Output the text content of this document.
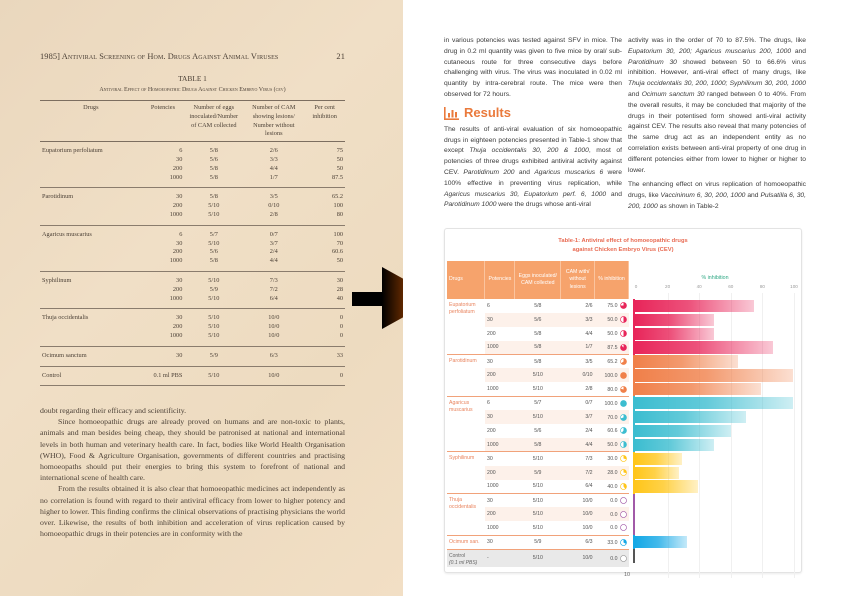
1985] Antiviral Screening of Hom. Drugs Against Animal Viruses	21
TABLE 1
Antiviral Effect of Homoeopathic Drugs Against Chicken Embryo Virus (cev)
Drugs	Potencies	Number of eggs inoculated/Number of CAM collected	Number of CAM showing lesions/ Number without lesions	Per cent inhibition
Eupatorium perfoliatum	6	5/8	2/6	75
	30	5/6	3/3	50
	200	5/8	4/4	50
	1000	5/8	1/7	87.5
Parotidinum	30	5/8	3/5	65.2
	200	5/10	0/10	100
	1000	5/10	2/8	80
Agaricus muscarius	6	5/7	0/7	100
	30	5/10	3/7	70
	200	5/6	2/4	60.6
	1000	5/8	4/4	50
Syphilinum	30	5/10	7/3	30
	200	5/9	7/2	28
	1000	5/10	6/4	40
Thuja occidentalis	30	5/10	10/0	0
	200	5/10	10/0	0
	1000	5/10	10/0	0
Ocimum sanctum	30	5/9	6/3	33
Control	0.1 ml PBS	5/10	10/0	0

doubt regarding their efficacy and scientificity.

Since homoeopathic drugs are already proved on humans and are non-toxic to plants, animals and man besides being cheap, they should be patronised at national and international levels in both human and veterinary health care. In fact, bodies like World Health Organisation (WHO), Food & Agriculture Organisation, governments of different countries and practising homoeopaths should put their energies to bring this system to forefront of national and international scene of health care.

From the results obtained it is also clear that homoeopathic medicines act independently as no correlation is found with regard to their antiviral efficacy from lower to higher potency and higher to lower. This finding confirms the clinical observations of practising physicians the world over. Likewise, the results of both inhibition and acceleration of virus replication caused by homoeopathic drugs in their potencies are in conformity with the

in various potencies was tested against SFV in mice. The drug in 0.2 ml quantity was given to five mice by oral/ sub-cutaneous route for three consecutive days before challenging with virus. The virus was inoculated in 0.02 ml quantity by intra-cerebral route. The mice were then observed for 72 hours.

Results

The results of anti-viral evaluation of six homoeopathic drugs in eighteen potencies presented in Table-1 show that except Thuja occidentalis 30, 200 & 1000, most of potencies of three drugs exhibited antiviral activity against CEV. Parotidinum 200 and Agaricus muscarius 6 were 100% effective in preventing virus replication, while Agaricus muscarius 30, Eupatorium perf. 6, 1000 and Parotidinum 1000 were the drugs whose anti-viral

activity was in the order of 70 to 87.5%. The drugs, like Eupatorium 30, 200; Agaricus muscarius 200, 1000 and Parotidinum 30 showed between 50 to 66.6% virus inhibition. However, anti-viral effect of many drugs, like Thuja occidentalis 30, 200, 1000; Syphilinum 30, 200, 1000 and Ocimum sanctum 30 ranged between 0 to 40%. From the overall results, it may be concluded that majority of the drugs in their potentised form showed anti-viral activity against CEV. The results also reveal that many potencies of the same drug act as an independent entity as no correlation exists between anti-viral property of one drug in different potencies either from lower to higher or higher to lower.

The enhancing effect on virus replication of homoeopathic drugs, like Vaccininum 6, 30, 200, 1000 and Pulsatilla 6, 30, 200, 1000 as shown in Table-2

Table-1: Antiviral effect of homoeopathic drugs
against Chicken Embryo Virus (CEV)
Drugs	Potencies	Eggs inoculated/ CAM collected	CAM with/ without lesions	% inhibition
Eupatorium perfoliatum	6	5/8	2/6	75.0
	30	5/6	3/3	50.0
	200	5/8	4/4	50.0
	1000	5/8	1/7	87.5
Parotidinum	30	5/8	3/5	65.2
	200	5/10	0/10	100.0
	1000	5/10	2/8	80.0
Agaricus muscarius	6	5/7	0/7	100.0
	30	5/10	3/7	70.0
	200	5/6	2/4	60.6
	1000	5/8	4/4	50.0
Syphilinum	30	5/10	7/3	30.0
	200	5/9	7/2	28.0
	1000	5/10	6/4	40.0
Thuja occidentalis	30	5/10	10/0	0.0
	200	5/10	10/0	0.0
	1000	5/10	10/0	0.0
Ocimum san.	30	5/9	6/3	33.0

Control
(0.1 ml PBS)	-	5/10	10/0	0.0
% inhibition
0	20	40	60	80	100
10
